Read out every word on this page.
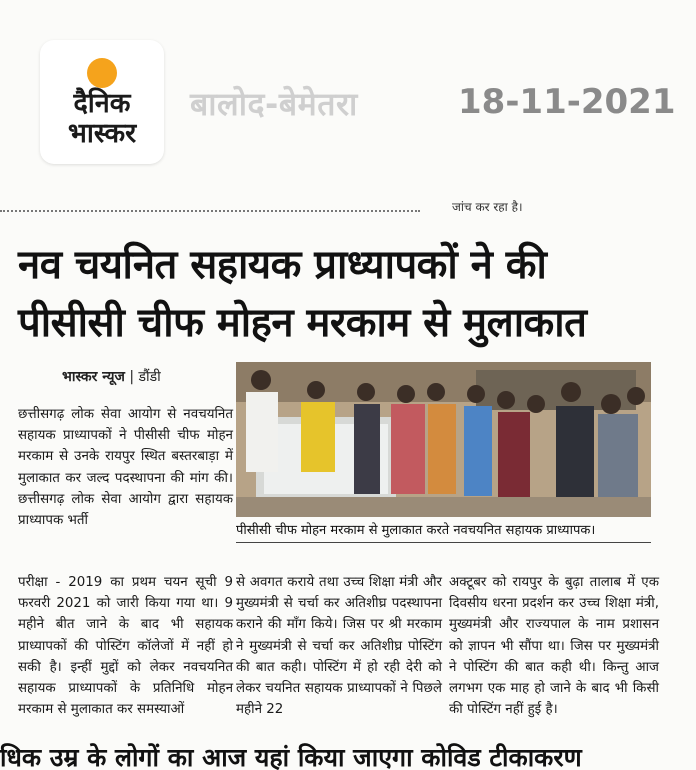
दैनिक
भास्कर
बालोद-बेमेतरा	18-11-2021
जांच कर रहा है।
नव चयनित सहायक प्राध्यापकों ने की
पीसीसी चीफ मोहन मरकाम से मुलाकात
भास्कर न्यूज | डौंडी
छत्तीसगढ़ लोक सेवा आयोग से नवचयनित सहायक प्राध्यापकों ने पीसीसी चीफ मोहन मरकाम से उनके रायपुर स्थित बस्तरबाड़ा में मुलाकात कर जल्द पदस्थापना की मांग की। छत्तीसगढ़ लोक सेवा आयोग द्वारा सहायक प्राध्यापक भर्ती
पीसीसी चीफ मोहन मरकाम से मुलाकात करते नवचयनित सहायक प्राध्यापक।
परीक्षा - 2019 का प्रथम चयन सूची 9 फरवरी 2021 को जारी किया गया था। 9 महीने बीत जाने के बाद भी सहायक प्राध्यापकों की पोस्टिंग कॉलेजों में नहीं हो सकी है। इन्हीं मुद्दों को लेकर नवचयनित सहायक प्राध्यापकों के प्रतिनिधि मोहन मरकाम से मुलाकात कर समस्याओं
से अवगत कराये तथा उच्च शिक्षा मंत्री और मुख्यमंत्री से चर्चा कर अतिशीघ्र पदस्थापना कराने की माँग किये। जिस पर श्री मरकाम ने मुख्यमंत्री से चर्चा कर अतिशीघ्र पोस्टिंग की बात कही। पोस्टिंग में हो रही देरी को लेकर चयनित सहायक प्राध्यापकों ने पिछले महीने 22
अक्टूबर को रायपुर के बुढ़ा तालाब में एक दिवसीय धरना प्रदर्शन कर उच्च शिक्षा मंत्री, मुख्यमंत्री और राज्यपाल के नाम प्रशासन को ज्ञापन भी सौंपा था। जिस पर मुख्यमंत्री ने पोस्टिंग की बात कही थी। किन्तु आज लगभग एक माह हो जाने के बाद भी किसी की पोस्टिंग नहीं हुई है।
धिक उम्र के लोगों का आज यहां किया जाएगा कोविड टीकाकरण
